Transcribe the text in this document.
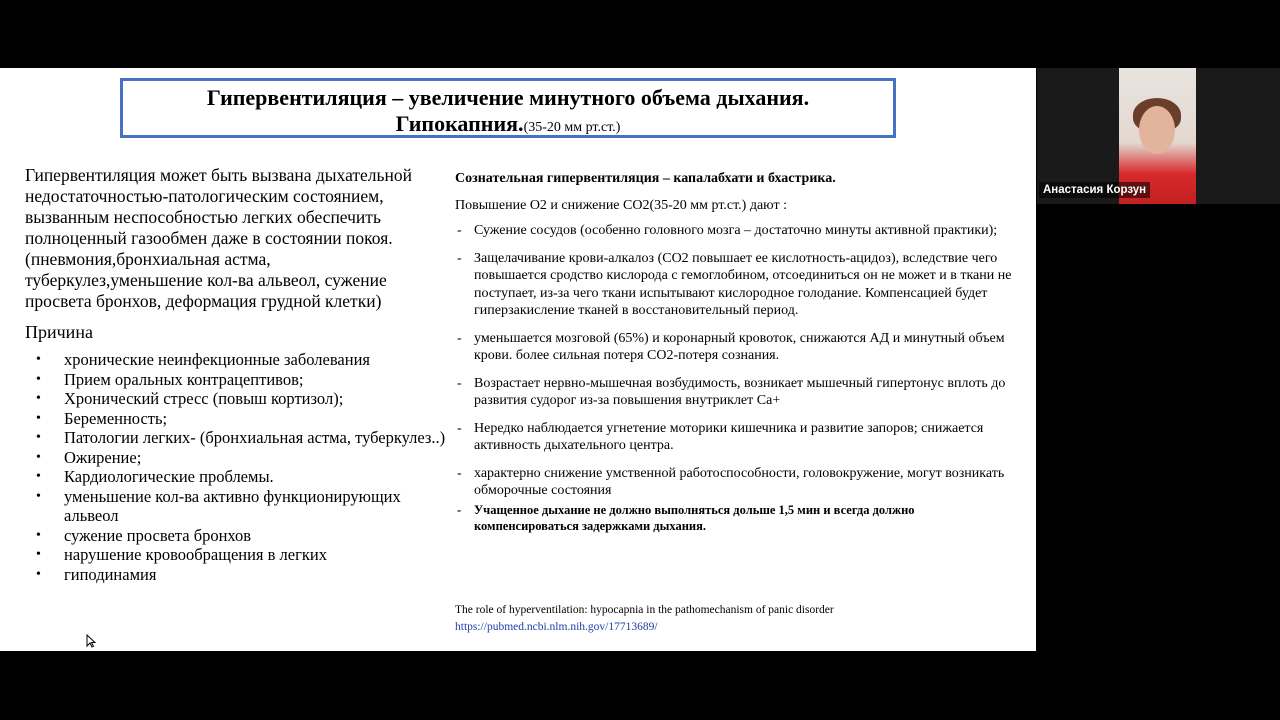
Гипервентиляция – увеличение минутного объема дыхания.
Гипокапния.(35-20 мм рт.ст.)

Гипервентиляция может быть вызвана дыхательной недостаточностью-патологическим состоянием, вызванным неспособностью легких обеспечить полноценный газообмен даже в состоянии покоя.(пневмония,бронхиальная астма, туберкулез,уменьшение кол-ва альвеол, сужение просвета бронхов, деформация грудной клетки)

Причина
• хронические неинфекционные заболевания
• Прием оральных контрацептивов;
• Хронический стресс (повыш кортизол);
• Беременность;
• Патологии легких- (бронхиальная астма, туберкулез..)
• Ожирение;
• Кардиологические проблемы.
• уменьшение кол-ва активно функционирующих альвеол
• сужение просвета бронхов
• нарушение кровообращения в легких
• гиподинамия
Сознательная гипервентиляция – капалабхати и бхастрика.
Повышение О2 и снижение СО2(35-20 мм рт.ст.) дают :
- Сужение сосудов (особенно головного мозга – достаточно минуты активной практики);
- Защелачивание крови-алкалоз (СО2 повышает ее кислотность-ацидоз), вследствие чего повышается сродство кислорода с гемоглобином, отсоединиться он не может и в ткани не поступает, из-за чего ткани испытывают кислородное голодание. Компенсацией будет гиперзакисление тканей в восстановительный период.
- уменьшается мозговой (65%) и коронарный кровоток, снижаются АД и минутный объем крови. более сильная потеря СО2-потеря сознания.
- Возрастает нервно-мышечная возбудимость, возникает мышечный гипертонус вплоть до развития судорог из-за повышения внутриклет Са+
- Нередко наблюдается угнетение моторики кишечника и развитие запоров; снижается активность дыхательного центра.
- характерно снижение умственной работоспособности, головокружение, могут возникать обморочные состояния
- Учащенное дыхание не должно выполняться дольше 1,5 мин и всегда должно компенсироваться задержками дыхания.
The role of hyperventilation: hypocapnia in the pathomechanism of panic disorder
https://pubmed.ncbi.nlm.nih.gov/17713689/
Анастасия Корзун
